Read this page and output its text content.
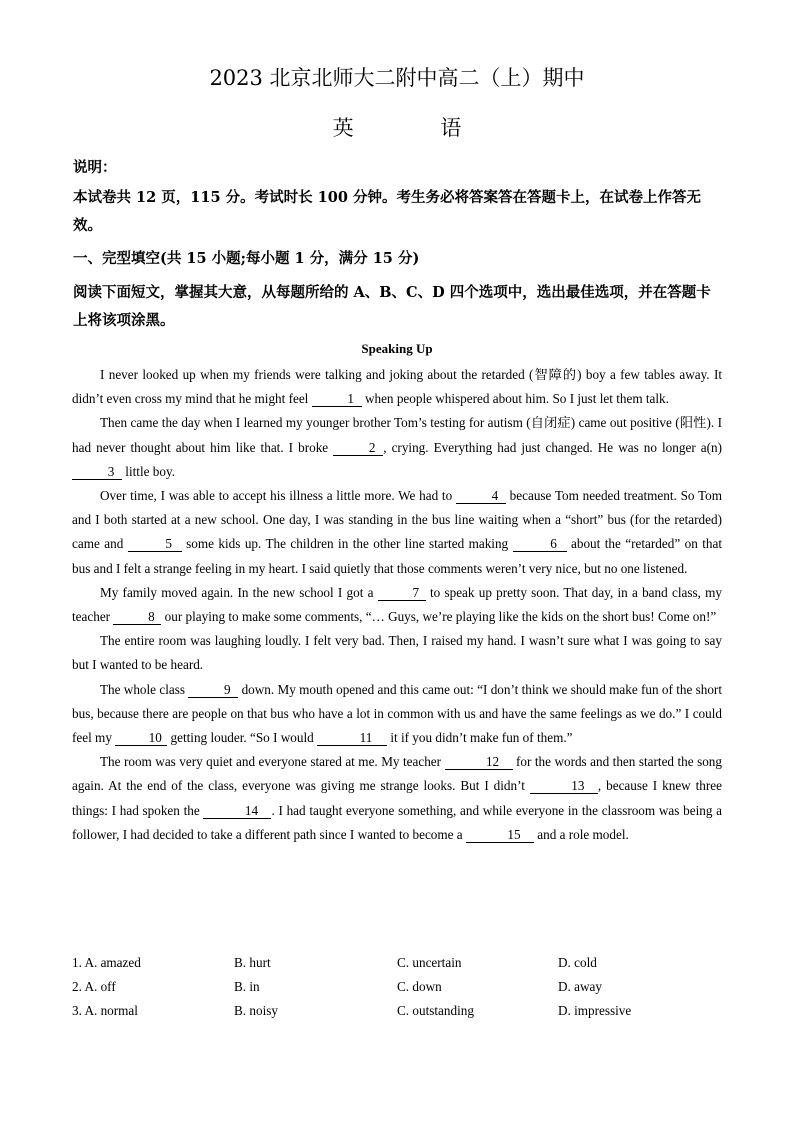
2023 北京北师大二附中高二（上）期中
英 语
说明：
本试卷共 12 页，115 分。考试时长 100 分钟。考生务必将答案答在答题卡上，在试卷上作答无效。
一、完型填空(共 15 小题;每小题 1 分，满分 15 分)
阅读下面短文，掌握其大意，从每题所给的 A、B、C、D 四个选项中，选出最佳选项，并在答题卡上将该项涂黑。
Speaking Up

I never looked up when my friends were talking and joking about the retarded (智障的) boy a few tables away. It didn’t even cross my mind that he might feel	1 when people whispered about him. So I just let them talk.

Then came the day when I learned my younger brother Tom’s testing for autism (自闭症) came out positive (阳性). I had never thought about him like that. I broke	2 , crying. Everything had just changed. He was no longer a(n) 3 little boy.

Over time, I was able to accept his illness a little more. We had to	4 because Tom needed treatment. So Tom and I both started at a new school. One day, I was standing in the bus line waiting when a “short” bus (for the retarded) came and	5 some kids up. The children in the other line started making	6 about the “retarded” on that bus and I felt a strange feeling in my heart. I said quietly that those comments weren’t very nice, but no one listened.

My family moved again. In the new school I got a	7 to speak up pretty soon. That day, in a band class, my teacher	8 our playing to make some comments, “… Guys, we’re playing like the kids on the short bus! Come on!”

The entire room was laughing loudly. I felt very bad. Then, I raised my hand. I wasn’t sure what I was going to say but I wanted to be heard.

The whole class	9 down. My mouth opened and this came out: “I don’t think we should make fun of the short bus, because there are people on that bus who have a lot in common with us and have the same feelings as we do.” I could feel my	10 getting louder. “So I would	11 it if you didn’t make fun of them.”

The room was very quiet and everyone stared at me. My teacher	12 for the words and then started the song again. At the end of the class, everyone was giving me strange looks. But I didn’t	13 , because I knew three things: I had spoken the	14 . I had taught everyone something, and while everyone in the classroom was being a follower, I had decided to take a different path since I wanted to become a	15 and a role model.

1. A. amazed	B. hurt	C. uncertain	D. cold
2. A. off	B. in	C. down	D. away
3. A. normal	B. noisy	C. outstanding	D. impressive
